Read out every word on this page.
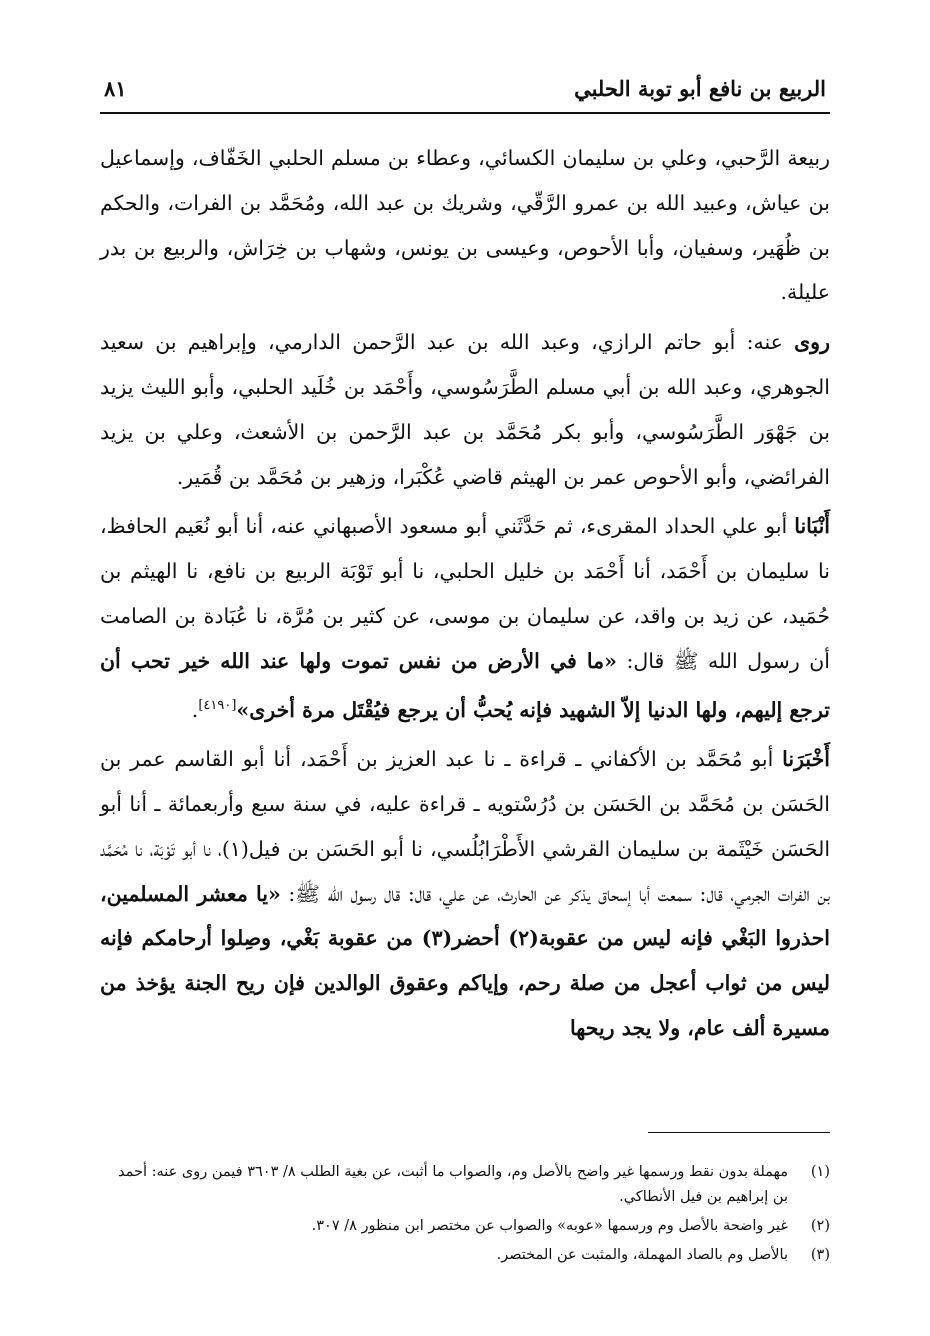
الربيع بن نافع أبو توبة الحلبي
٨١

ربيعة الرَّحبي، وعلي بن سليمان الكسائي، وعطاء بن مسلم الحلبي الخَفّاف، وإسماعيل بن عياش، وعبيد الله بن عمرو الرَّقّي، وشريك بن عبد الله، ومُحَمَّد بن الفرات، والحكم بن ظُهَير، وسفيان، وأبا الأحوص، وعيسى بن يونس، وشهاب بن خِرَاش، والربيع بن بدر عليلة.

روى عنه: أبو حاتم الرازي، وعبد الله بن عبد الرَّحمن الدارمي، وإبراهيم بن سعيد الجوهري، وعبد الله بن أبي مسلم الطَّرَسُوسي، وأَحْمَد بن خُلَيد الحلبي، وأبو الليث يزيد بن جَهْوَر الطَّرَسُوسي، وأبو بكر مُحَمَّد بن عبد الرَّحمن بن الأشعث، وعلي بن يزيد الفرائضي، وأبو الأحوص عمر بن الهيثم قاضي عُكْبَرا، وزهير بن مُحَمَّد بن قُمَير.

أَنْبَانا أبو علي الحداد المقرىء، ثم حَدَّثَني أبو مسعود الأصبهاني عنه، أنا أبو نُعَيم الحافظ، نا سليمان بن أَحْمَد، أنا أَحْمَد بن خليل الحلبي، نا أبو تَوْبَة الربيع بن نافع، نا الهيثم بن حُمَيد، عن زيد بن واقد، عن سليمان بن موسى، عن كثير بن مُرَّة، نا عُبَادة بن الصامت أن رسول الله ﷺ قال: «ما في الأرض من نفس تموت ولها عند الله خير تحب أن ترجع إليهم، ولها الدنيا إلاّ الشهيد فإنه يُحبُّ أن يرجع فيُقْتَل مرة أخرى»[٤١٩٠].

أَخْبَرَنا أبو مُحَمَّد بن الأكفاني ـ قراءة ـ نا عبد العزيز بن أَحْمَد، أنا أبو القاسم عمر بن الحَسَن بن مُحَمَّد بن الحَسَن بن دُرُسْتويه ـ قراءة عليه، في سنة سبع وأربعمائة ـ أنا أبو الحَسَن خَيْثَمة بن سليمان القرشي الأَطْرَابُلُسي، نا أبو الحَسَن بن فيل(١)، نا أبو تَوْبَة، نا مُحَمَّد بن الفرات الجرمي، قال: سمعت أبا إسحاق يذكر عن الحارث، عن علي، قال: قال رسول الله ﷺ: «يا معشر المسلمين، احذروا البَغْي فإنه ليس من عقوبة(٢) أحضر(٣) من عقوبة بَغْي، وصِلوا أرحامكم فإنه ليس من ثواب أعجل من صلة رحم، وإياكم وعقوق الوالدين فإن ريح الجنة يؤخذ من مسيرة ألف عام، ولا يجد ريحها

(١)
مهملة بدون نقط ورسمها غير واضح بالأصل وم، والصواب ما أثبت، عن بغية الطلب ٨/ ٣٦٠٣ فيمن روى عنه: أحمد بن إبراهيم بن فيل الأنطاكي.

(٢)
غير واضحة بالأصل وم ورسمها «عوبه» والصواب عن مختصر ابن منظور ٨/ ٣٠٧.

(٣)
بالأصل وم بالصاد المهملة، والمثبت عن المختصر.
